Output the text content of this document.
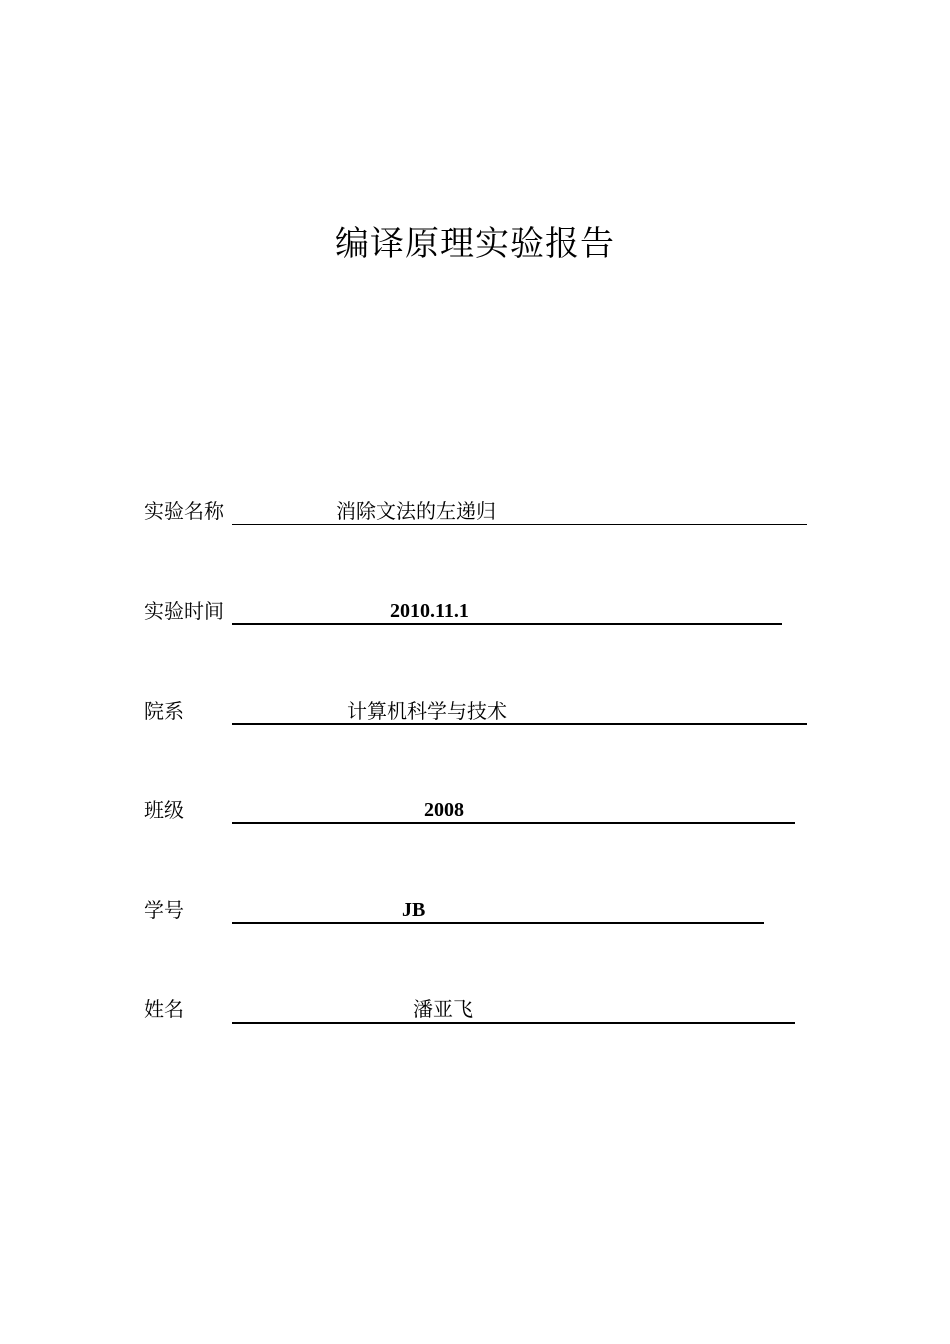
编译原理实验报告
实验名称	消除文法的左递归
实验时间	2010.11.1
院系	计算机科学与技术
班级	2008
学号	JB
姓名	潘亚飞
